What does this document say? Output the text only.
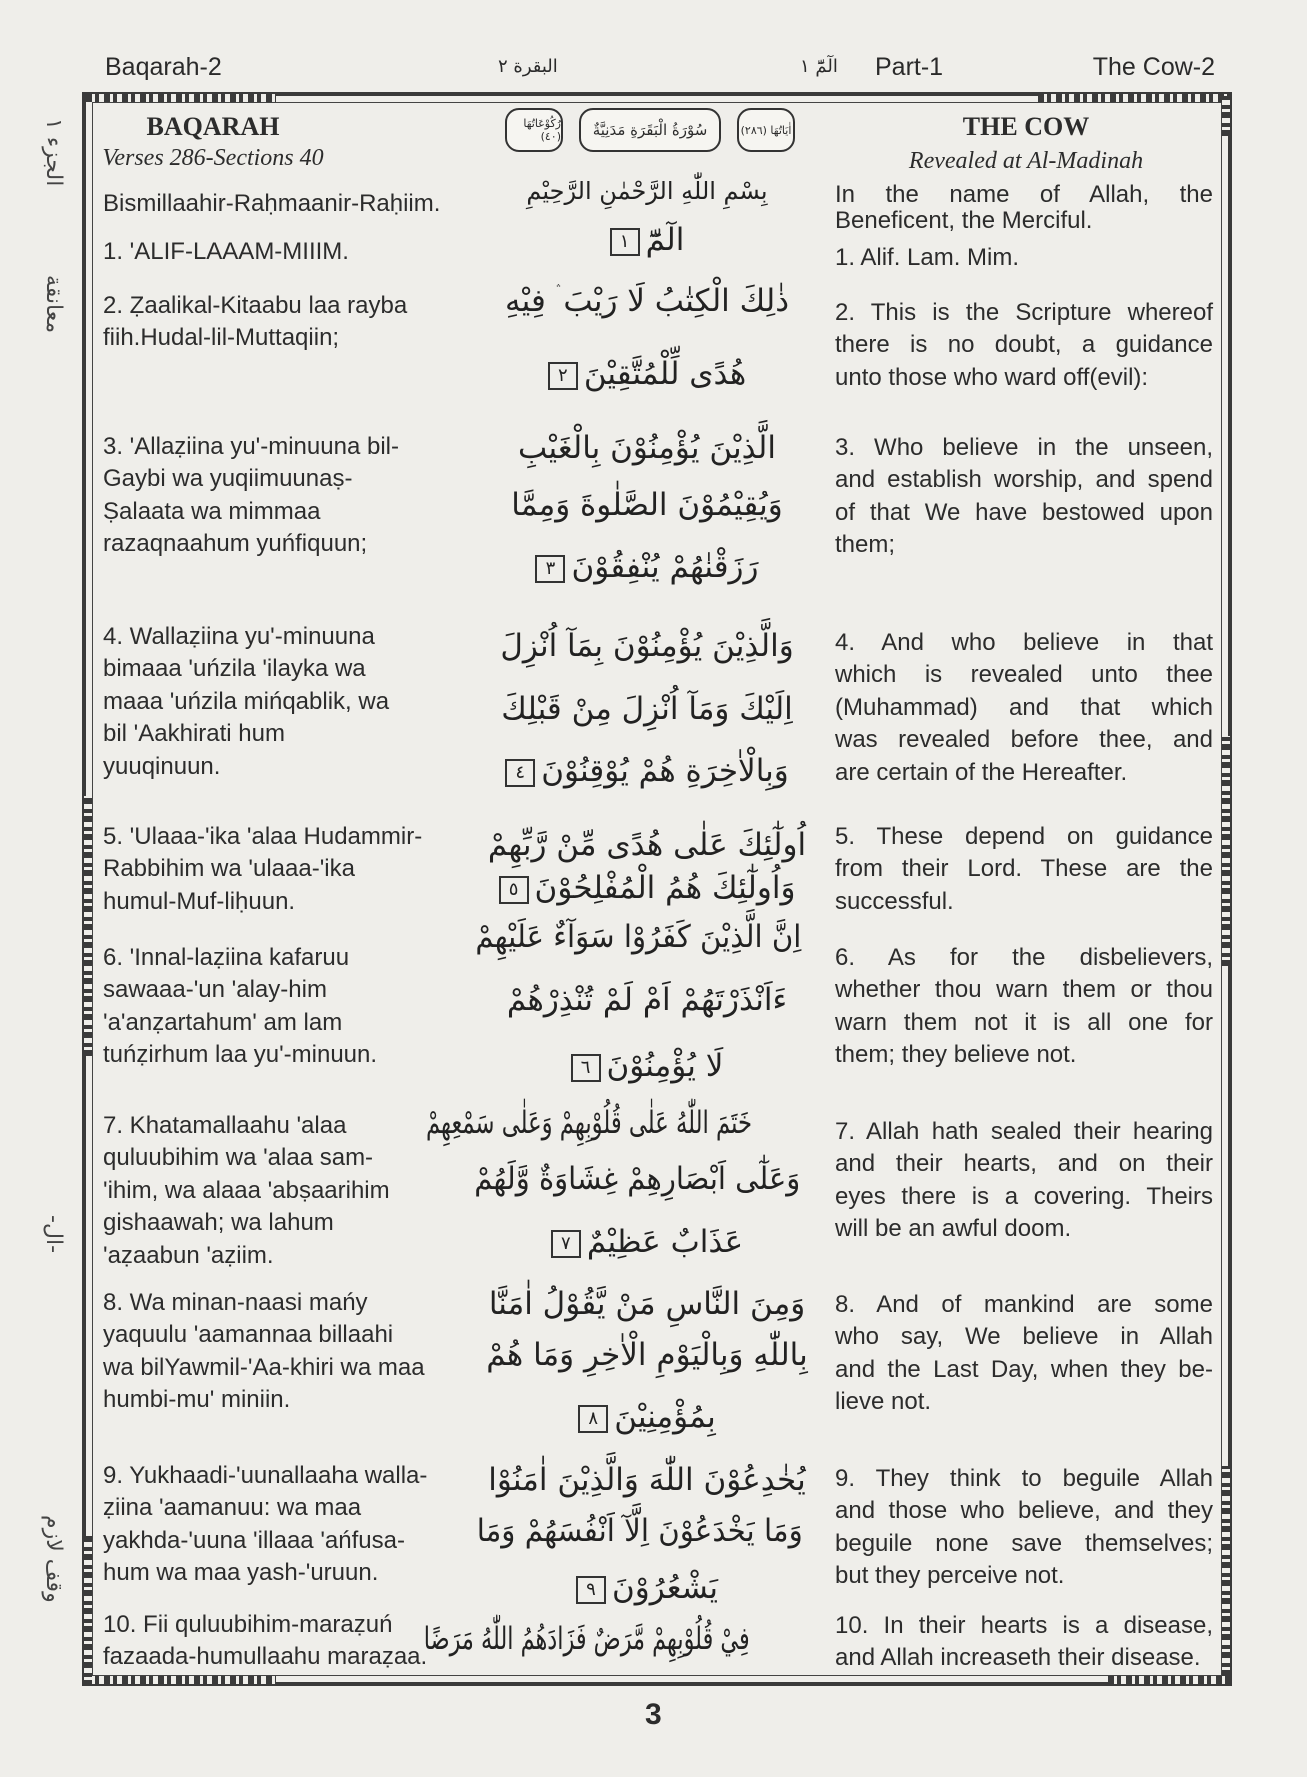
Baqarah-2	البقرة ٢	الٓمّٓ ١ Part-1	The Cow-2
الجزء ١
معانقة
-ال-
وقف لازم
BAQARAH
Verses 286-Sections 40
THE COW
Revealed at Al-Madinah
رُكُوْعَاتُهَا (٤٠)	سُوْرَةُ الْبَقَرَةِ مَدَنِيَّةٌ	اٰيَاتُهَا (٢٨٦)
Bismillaahir-Raḥmaanir-Raḥiim.
1. 'ALIF-LAAAM-MIIIM.
2. Ẓaalikal-Kitaabu laa rayba
fiih.Hudal-lil-Muttaqiin;
3. 'Allaẓiina yu'-minuuna bil-
Gaybi wa yuqiimuunaṣ-
Ṣalaata wa mimmaa
razaqnaahum yuńfiquun;
4. Wallaẓiina yu'-minuuna
bimaaa 'uńzila 'ilayka wa
maaa 'uńzila mińqablik, wa
bil 'Aakhirati hum
yuuqinuun.
5. 'Ulaaa-'ika 'alaa Hudammir-
Rabbihim wa 'ulaaa-'ika
humul-Muf-liḥuun.
6. 'Innal-laẓiina kafaruu
sawaaa-'un 'alay-him
'a'anẓartahum' am lam
tuńẓirhum laa yu'-minuun.
7. Khatamallaahu 'alaa
quluubihim wa 'alaa sam-
'ihim, wa alaaa 'abṣaarihim
gishaawah; wa lahum
'aẓaabun 'aẓiim.
8. Wa minan-naasi mańy
yaquulu 'aamannaa billaahi
wa bilYawmil-'Aa-khiri wa maa
humbi-mu' miniin.
9. Yukhaadi-'uunallaaha walla-
ẓiina 'aamanuu: wa maa
yakhda-'uuna 'illaaa 'ańfusa-
hum wa maa yash-'uruun.
10. Fii quluubihim-maraẓuń
fazaada-humullaahu maraẓaa.
In the name of Allah, the
Beneficent, the Merciful.
1. Alif. Lam. Mim.
2. This is the Scripture whereof
there is no doubt, a guidance
unto those who ward off(evil):
3. Who believe in the unseen,
and establish worship, and spend
of that We have bestowed upon
them;
4. And who believe in that
which is revealed unto thee
(Muhammad) and that which
was revealed before thee, and
are certain of the Hereafter.
5. These depend on guidance
from their Lord. These are the
successful.
6. As for the disbelievers,
whether thou warn them or thou
warn them not it is all one for
them; they believe not.
7. Allah hath sealed their hearing
and their hearts, and on their
eyes there is a covering. Theirs
will be an awful doom.
8. And of mankind are some
who say, We believe in Allah
and the Last Day, when they be-
lieve not.
9. They think to beguile Allah
and those who believe, and they
beguile none save themselves;
but they perceive not.
10. In their hearts is a disease,
and Allah increaseth their disease.
بِسْمِ اللّٰهِ الرَّحْمٰنِ الرَّحِيْمِ
الٓمّٓ١
ذٰلِكَ الْكِتٰبُ لَا رَيْبَ ۛ فِيْهِ
هُدًى لِّلْمُتَّقِيْنَ٢
الَّذِيْنَ يُؤْمِنُوْنَ بِالْغَيْبِ
وَيُقِيْمُوْنَ الصَّلٰوةَ وَمِمَّا
رَزَقْنٰهُمْ يُنْفِقُوْنَ٣
وَالَّذِيْنَ يُؤْمِنُوْنَ بِمَآ اُنْزِلَ
اِلَيْكَ وَمَآ اُنْزِلَ مِنْ قَبْلِكَ
وَبِالْاٰخِرَةِ هُمْ يُوْقِنُوْنَ٤
اُولٰٓئِكَ عَلٰى هُدًى مِّنْ رَّبِّهِمْ
وَاُولٰٓئِكَ هُمُ الْمُفْلِحُوْنَ٥
اِنَّ الَّذِيْنَ كَفَرُوْا سَوَآءٌ عَلَيْهِمْ
ءَاَنْذَرْتَهُمْ اَمْ لَمْ تُنْذِرْهُمْ
لَا يُؤْمِنُوْنَ٦
خَتَمَ اللّٰهُ عَلٰى قُلُوْبِهِمْ وَعَلٰى سَمْعِهِمْ
وَعَلٰٓى اَبْصَارِهِمْ غِشَاوَةٌ وَّلَهُمْ
عَذَابٌ عَظِيْمٌ٧
وَمِنَ النَّاسِ مَنْ يَّقُوْلُ اٰمَنَّا
بِاللّٰهِ وَبِالْيَوْمِ الْاٰخِرِ وَمَا هُمْ
بِمُؤْمِنِيْنَ٨
يُخٰدِعُوْنَ اللّٰهَ وَالَّذِيْنَ اٰمَنُوْا
وَمَا يَخْدَعُوْنَ اِلَّآ اَنْفُسَهُمْ وَمَا
يَشْعُرُوْنَ٩
فِيْ قُلُوْبِهِمْ مَّرَضٌ فَزَادَهُمُ اللّٰهُ مَرَضًا
3
